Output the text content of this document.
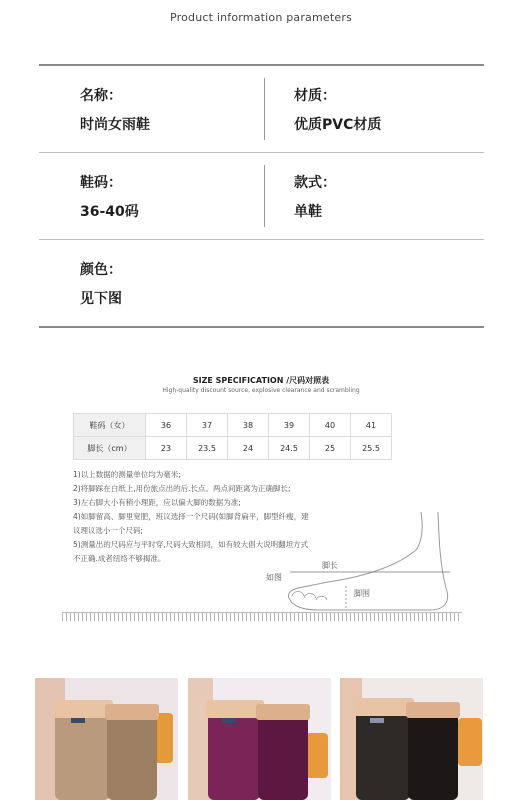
Product information parameters
名称：
时尚女雨鞋
材质：
优质PVC材质
鞋码：
36-40码
款式：
单鞋
颜色：
见下图
SIZE SPECIFICATION /尺码对照表
High-quality discount source, explosive clearance and scrambling
鞋码（女）	36	37	38	39	40	41
脚长（cm）	23	23.5	24	24.5	25	25.5

1)以上数据的测量单位均为毫米;

2)将脚踩在白纸上,用份旅点出的后.长点。两点间距离为正确脚长;

3)左右脚大小有稍小理距，应以偏大脚的数据为准;

4)如脚留高、脚里宽肥，班议选择一个尺码(如脚背扁平，脚型纤瘦，建

议理议选小一个尺码;

5)测量出的尺码应与平时穿,尺码大致相同，如有较大倡大说明翻坦方式

不正确.成者纽络不够揭准。

脚长
如图
脚围
